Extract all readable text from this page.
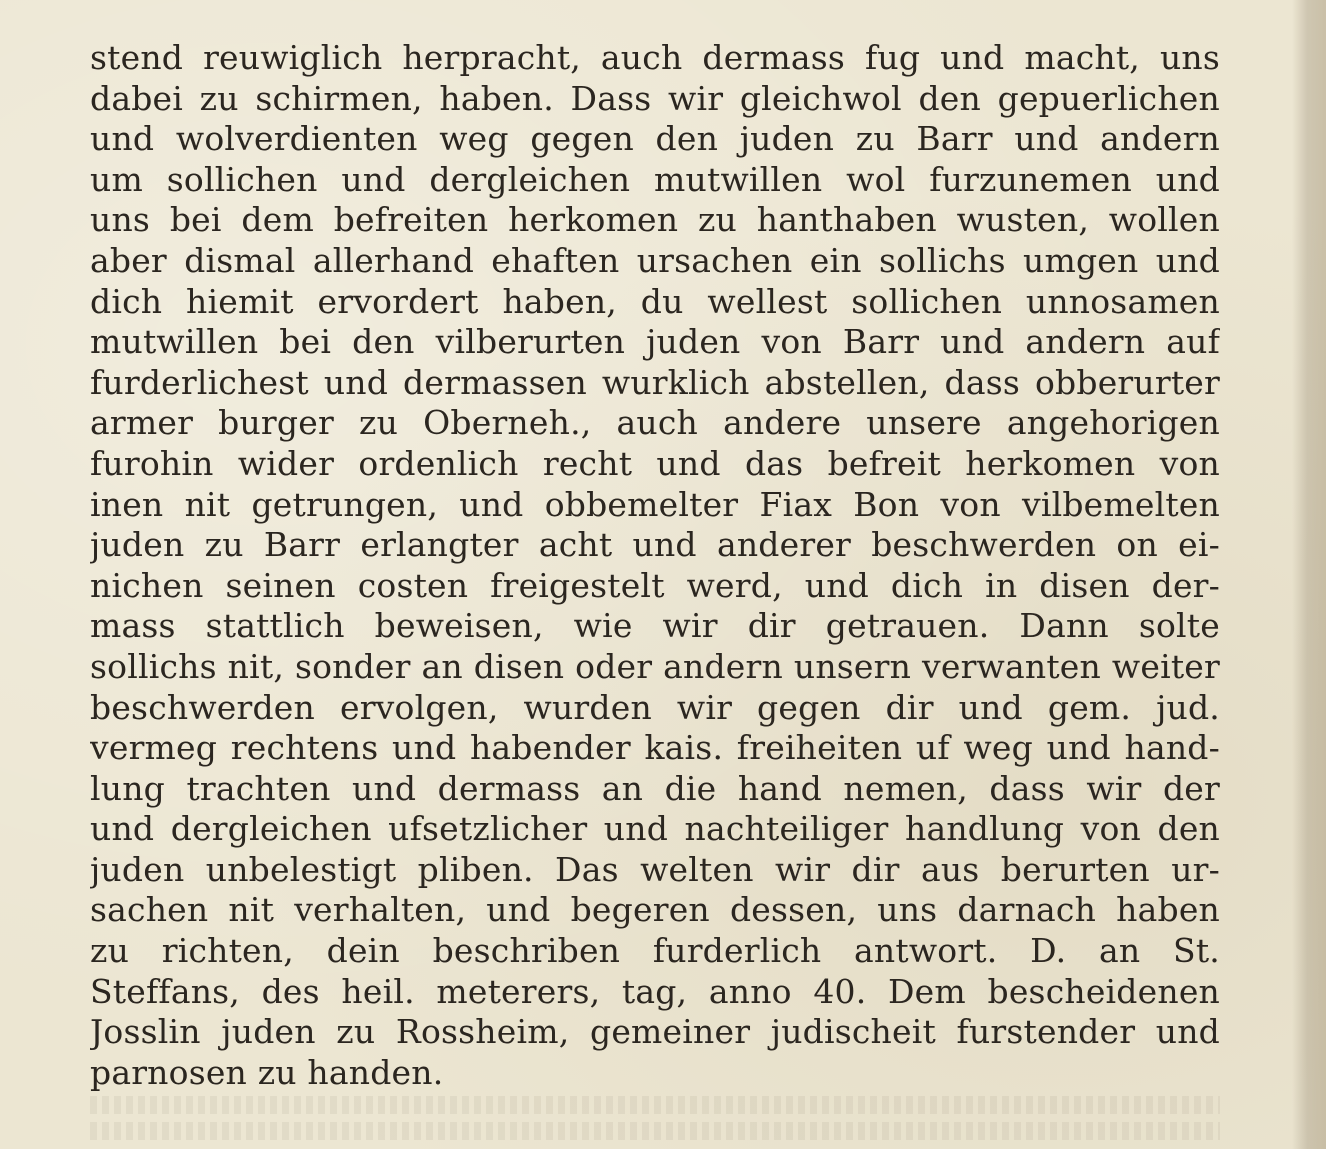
stend reuwiglich herpracht, auch dermass fug und macht, uns
dabei zu schirmen, haben. Dass wir gleichwol den gepuerlichen
und wolverdienten weg gegen den juden zu Barr und andern
um sollichen und dergleichen mutwillen wol furzunemen und
uns bei dem befreiten herkomen zu hanthaben wusten, wollen
aber dismal allerhand ehaften ursachen ein sollichs umgen und
dich hiemit ervordert haben, du wellest sollichen unnosamen
mutwillen bei den vilberurten juden von Barr und andern auf
furderlichest und dermassen wurklich abstellen, dass obberurter
armer burger zu Oberneh., auch andere unsere angehorigen
furohin wider ordenlich recht und das befreit herkomen von
inen nit getrungen, und obbemelter Fiax Bon von vilbemelten
juden zu Barr erlangter acht und anderer beschwerden on ei-
nichen seinen costen freigestelt werd, und dich in disen der-
mass stattlich beweisen, wie wir dir getrauen. Dann solte
sollichs nit, sonder an disen oder andern unsern verwanten weiter
beschwerden ervolgen, wurden wir gegen dir und gem. jud.
vermeg rechtens und habender kais. freiheiten uf weg und hand-
lung trachten und dermass an die hand nemen, dass wir der
und dergleichen ufsetzlicher und nachteiliger handlung von den
juden unbelestigt pliben. Das welten wir dir aus berurten ur-
sachen nit verhalten, und begeren dessen, uns darnach haben
zu richten, dein beschriben furderlich antwort. D. an St.
Steffans, des heil. meterers, tag, anno 40. Dem bescheidenen
Josslin juden zu Rossheim, gemeiner judischeit furstender und
parnosen zu handen.
